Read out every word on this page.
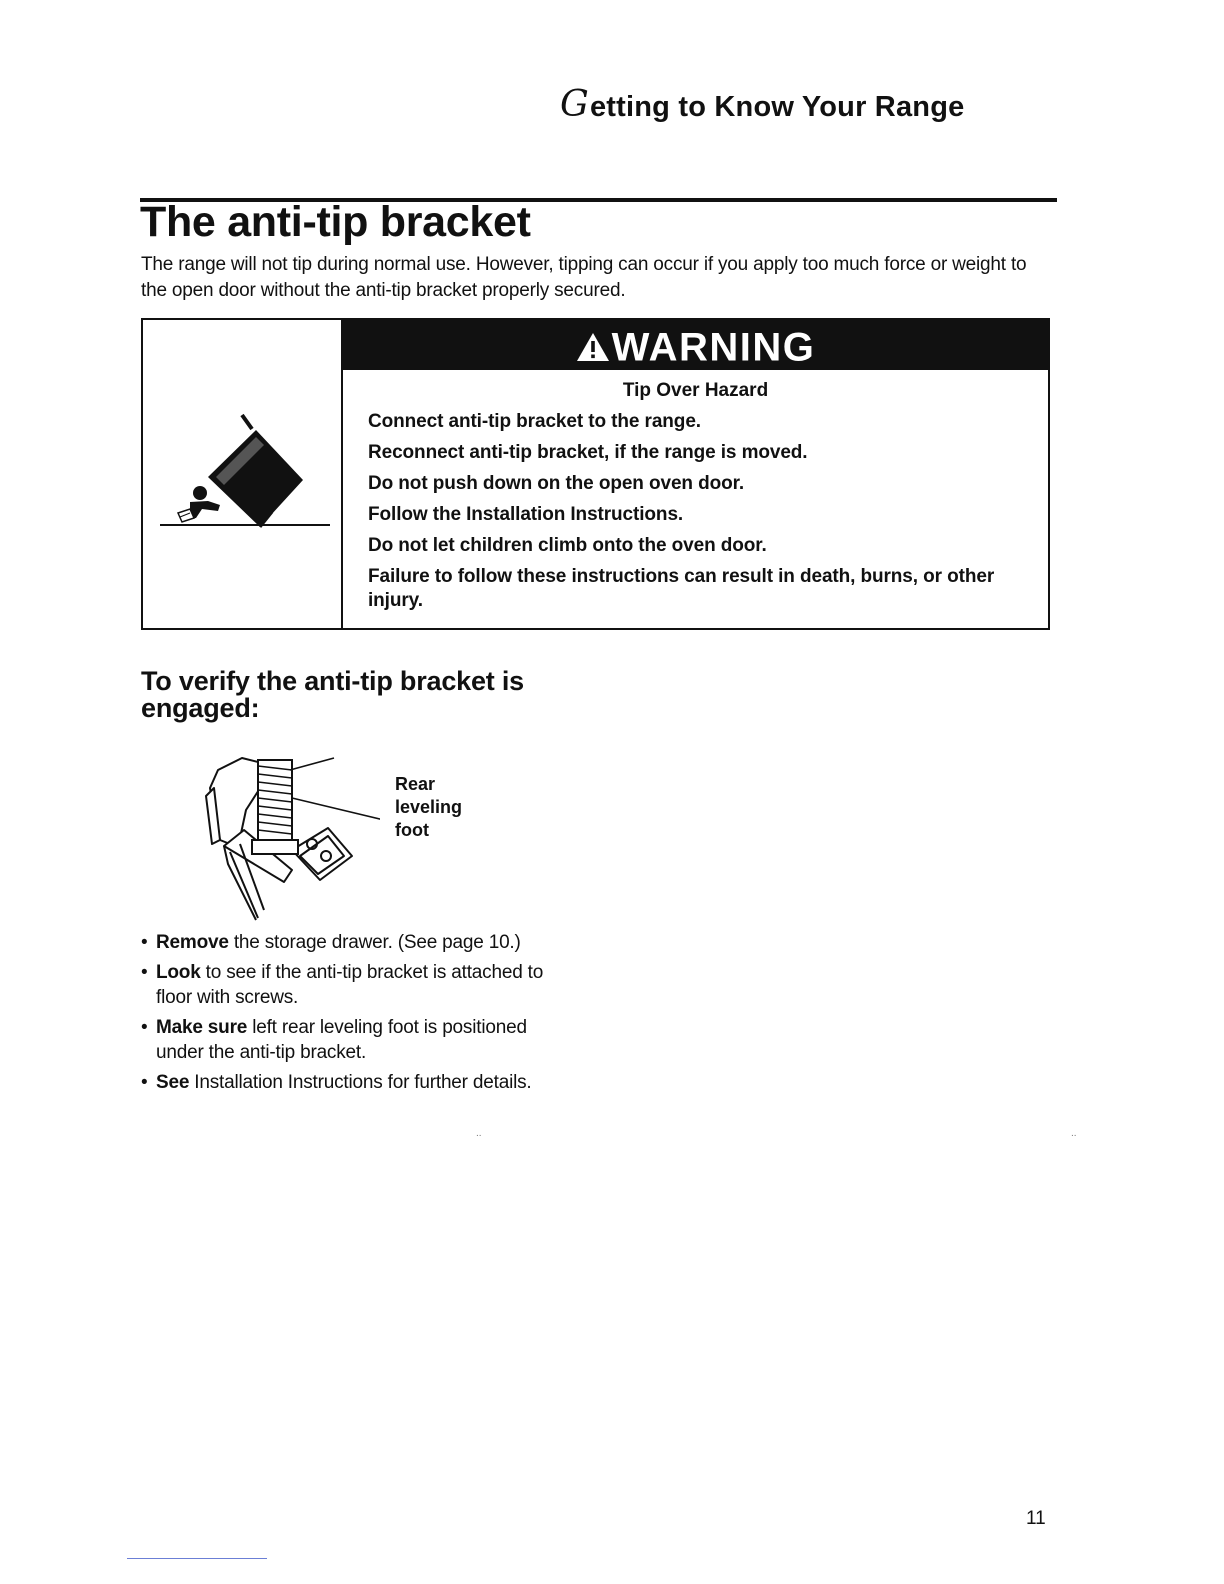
Getting to Know Your Range
The anti-tip bracket
The range will not tip during normal use. However, tipping can occur if you apply too much force or weight to the open door without the anti-tip bracket properly secured.
WARNING
Tip Over Hazard
Connect anti-tip bracket to the range.
Reconnect anti-tip bracket, if the range is moved.
Do not push down on the open oven door.
Follow the Installation Instructions.
Do not let children climb onto the oven door.
Failure to follow these instructions can result in death, burns, or other injury.
To verify the anti-tip bracket is engaged:
Rear
leveling
foot
• Remove the storage drawer. (See page 10.)
• Look to see if the anti-tip bracket is attached to floor with screws.
• Make sure left rear leveling foot is positioned under the anti-tip bracket.
• See Installation Instructions for further details.
..	..
11
